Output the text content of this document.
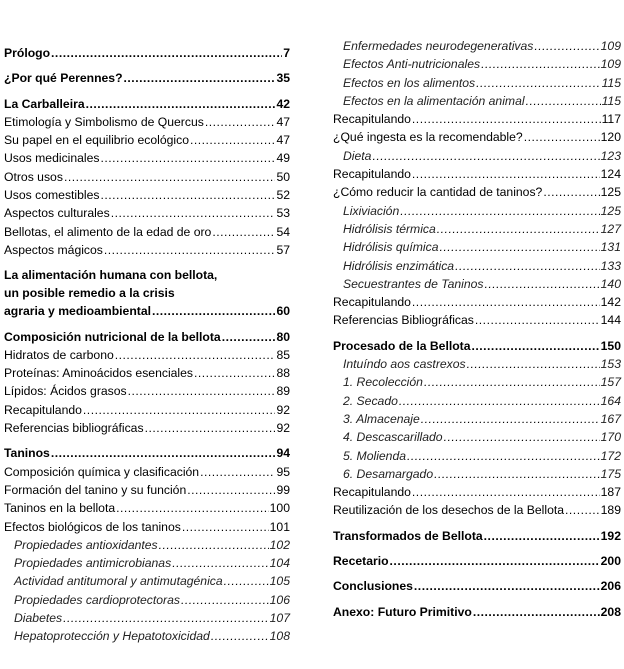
Prólogo .....	7
¿Por qué Perennes? .....	35
La Carballeira .....	42
Etimología y Simbolismo de Quercus .....	47
Su papel en el equilibrio ecológico .....	47
Usos medicinales .....	49
Otros usos .....	50
Usos comestibles .....	52
Aspectos culturales .....	53
Bellotas, el alimento de la edad de oro .....	54
Aspectos mágicos .....	57
La alimentación humana con bellota,
un posible remedio a la crisis
agraria y medioambiental .....	60
Composición nutricional de la bellota .....	80
Hidratos de carbono .....	85
Proteínas: Aminoácidos esenciales .....	88
Lípidos: Ácidos grasos .....	89
Recapitulando .....	92
Referencias bibliográficas .....	92
Taninos .....	94
Composición química y clasificación .....	95
Formación del tanino y su función .....	99
Taninos en la bellota .....	100
Efectos biológicos de los taninos .....	101
Propiedades antioxidantes .....	102
Propiedades antimicrobianas .....	104
Actividad antitumoral y antimutagénica .....	105
Propiedades cardioprotectoras .....	106
Diabetes .....	107
Hepatoprotección y Hepatotoxicidad .....	108
Enfermedades neurodegenerativas .....	109
Efectos Anti-nutricionales .....	109
Efectos en los alimentos .....	115
Efectos en la alimentación animal .....	115
Recapitulando .....	117
¿Qué ingesta es la recomendable? .....	120
Dieta .....	123
Recapitulando .....	124
¿Cómo reducir la cantidad de taninos? .....	125
Lixiviación .....	125
Hidrólisis térmica .....	127
Hidrólisis química .....	131
Hidrólisis enzimática .....	133
Secuestrantes de Taninos .....	140
Recapitulando .....	142
Referencias Bibliográficas .....	144
Procesado de la Bellota .....	150
Intuíndo aos castrexos .....	153
1. Recolección .....	157
2. Secado .....	164
3. Almacenaje .....	167
4. Descascarillado .....	170
5. Molienda .....	172
6. Desamargado .....	175
Recapitulando .....	187
Reutilización de los desechos de la Bellota .....	189
Transformados de Bellota .....	192
Recetario .....	200
Conclusiones .....	206
Anexo: Futuro Primitivo .....	208
